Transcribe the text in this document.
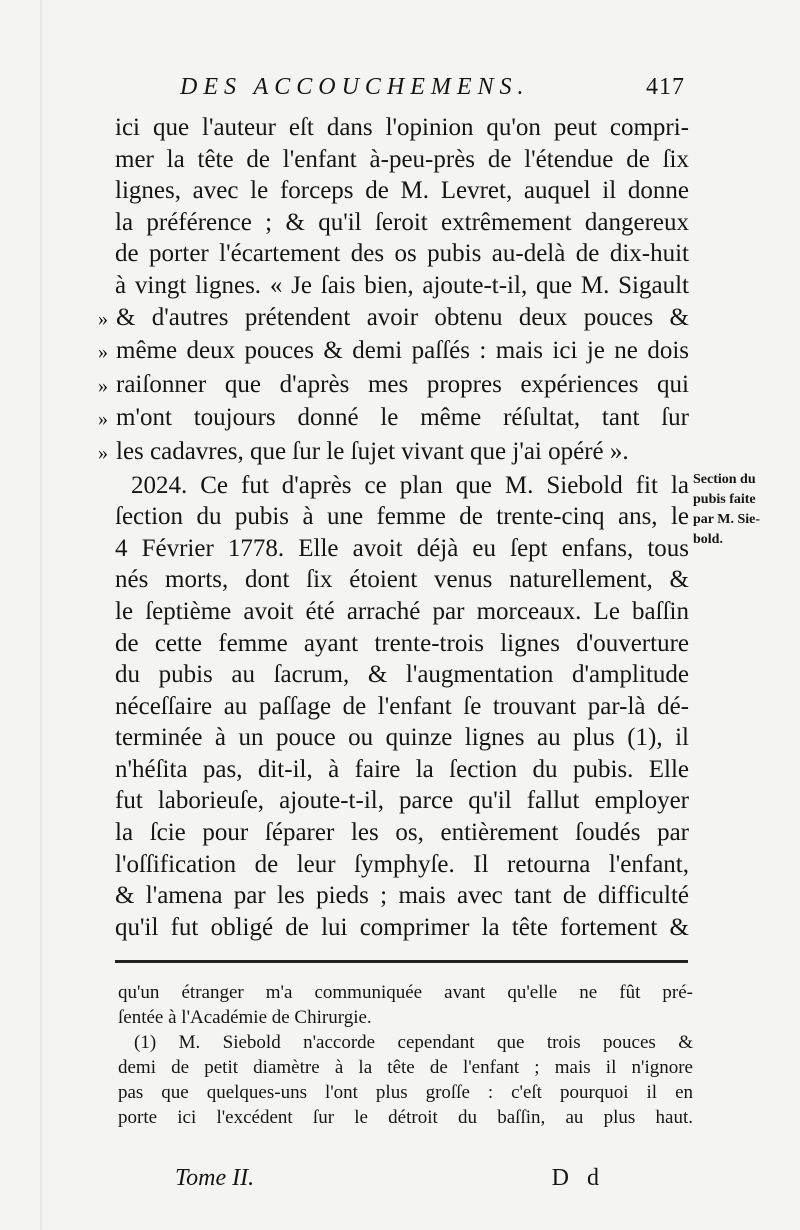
DES ACCOUCHEMENS.	417
ici que l'auteur eſt dans l'opinion qu'on peut compri-
mer la tête de l'enfant à-peu-près de l'étendue de ſix
lignes, avec le forceps de M. Levret, auquel il donne
la préférence ; & qu'il ſeroit extrêmement dangereux
de porter l'écartement des os pubis au-delà de dix-huit
à vingt lignes. « Je ſais bien, ajoute-t-il, que M. Sigault
» & d'autres prétendent avoir obtenu deux pouces &
» même deux pouces & demi paſſés : mais ici je ne dois
» raiſonner que d'après mes propres expériences qui
» m'ont toujours donné le même réſultat, tant ſur
» les cadavres, que ſur le ſujet vivant que j'ai opéré ».
2024. Ce fut d'après ce plan que M. Siebold fit la
ſection du pubis à une femme de trente-cinq ans, le
4 Février 1778. Elle avoit déjà eu ſept enfans, tous
nés morts, dont ſix étoient venus naturellement, &
le ſeptième avoit été arraché par morceaux. Le baſſin
de cette femme ayant trente-trois lignes d'ouverture
du pubis au ſacrum, & l'augmentation d'amplitude
néceſſaire au paſſage de l'enfant ſe trouvant par-là dé-
terminée à un pouce ou quinze lignes au plus (1), il
n'héſita pas, dit-il, à faire la ſection du pubis. Elle
fut laborieuſe, ajoute-t-il, parce qu'il fallut employer
la ſcie pour ſéparer les os, entièrement ſoudés par
l'oſſification de leur ſymphyſe. Il retourna l'enfant,
& l'amena par les pieds ; mais avec tant de difficulté
qu'il fut obligé de lui comprimer la tête fortement &
Section du
pubis faite
par M. Sie-
bold.
qu'un étranger m'a communiquée avant qu'elle ne fût pré-
ſentée à l'Académie de Chirurgie.
(1) M. Siebold n'accorde cependant que trois pouces &
demi de petit diamètre à la tête de l'enfant ; mais il n'ignore
pas que quelques-uns l'ont plus groſſe : c'eſt pourquoi il en
porte ici l'excédent ſur le détroit du baſſin, au plus haut.
Tome II.	D d
